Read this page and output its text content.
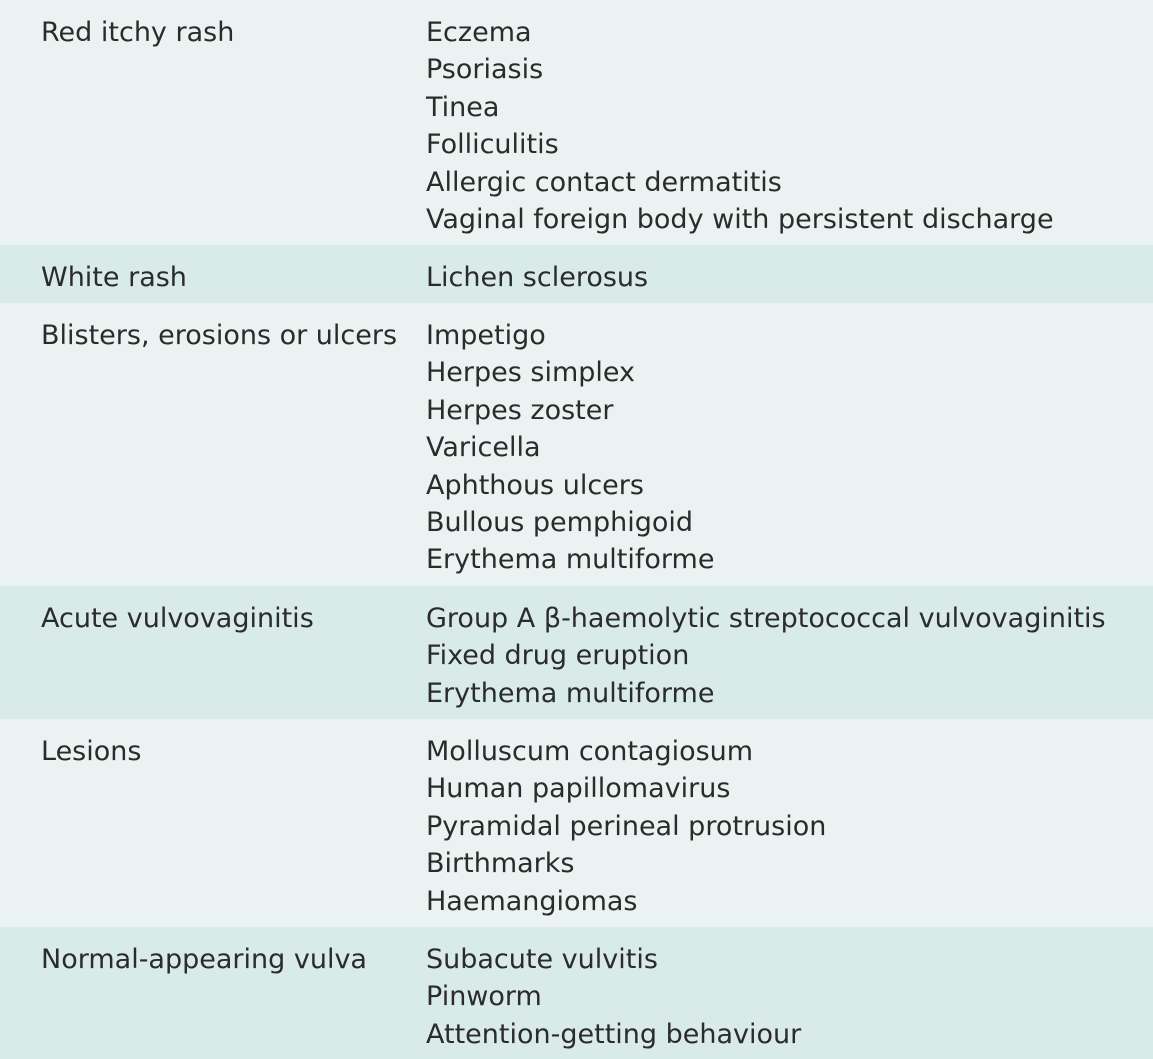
Red itchy rash	Eczema
Psoriasis
Tinea
Folliculitis
Allergic contact dermatitis
Vaginal foreign body with persistent discharge
White rash	Lichen sclerosus
Blisters, erosions or ulcers	Impetigo
Herpes simplex
Herpes zoster
Varicella
Aphthous ulcers
Bullous pemphigoid
Erythema multiforme
Acute vulvovaginitis	Group A β-haemolytic streptococcal vulvovaginitis
Fixed drug eruption
Erythema multiforme
Lesions	Molluscum contagiosum
Human papillomavirus
Pyramidal perineal protrusion
Birthmarks
Haemangiomas
Normal-appearing vulva	Subacute vulvitis
Pinworm
Attention-getting behaviour
